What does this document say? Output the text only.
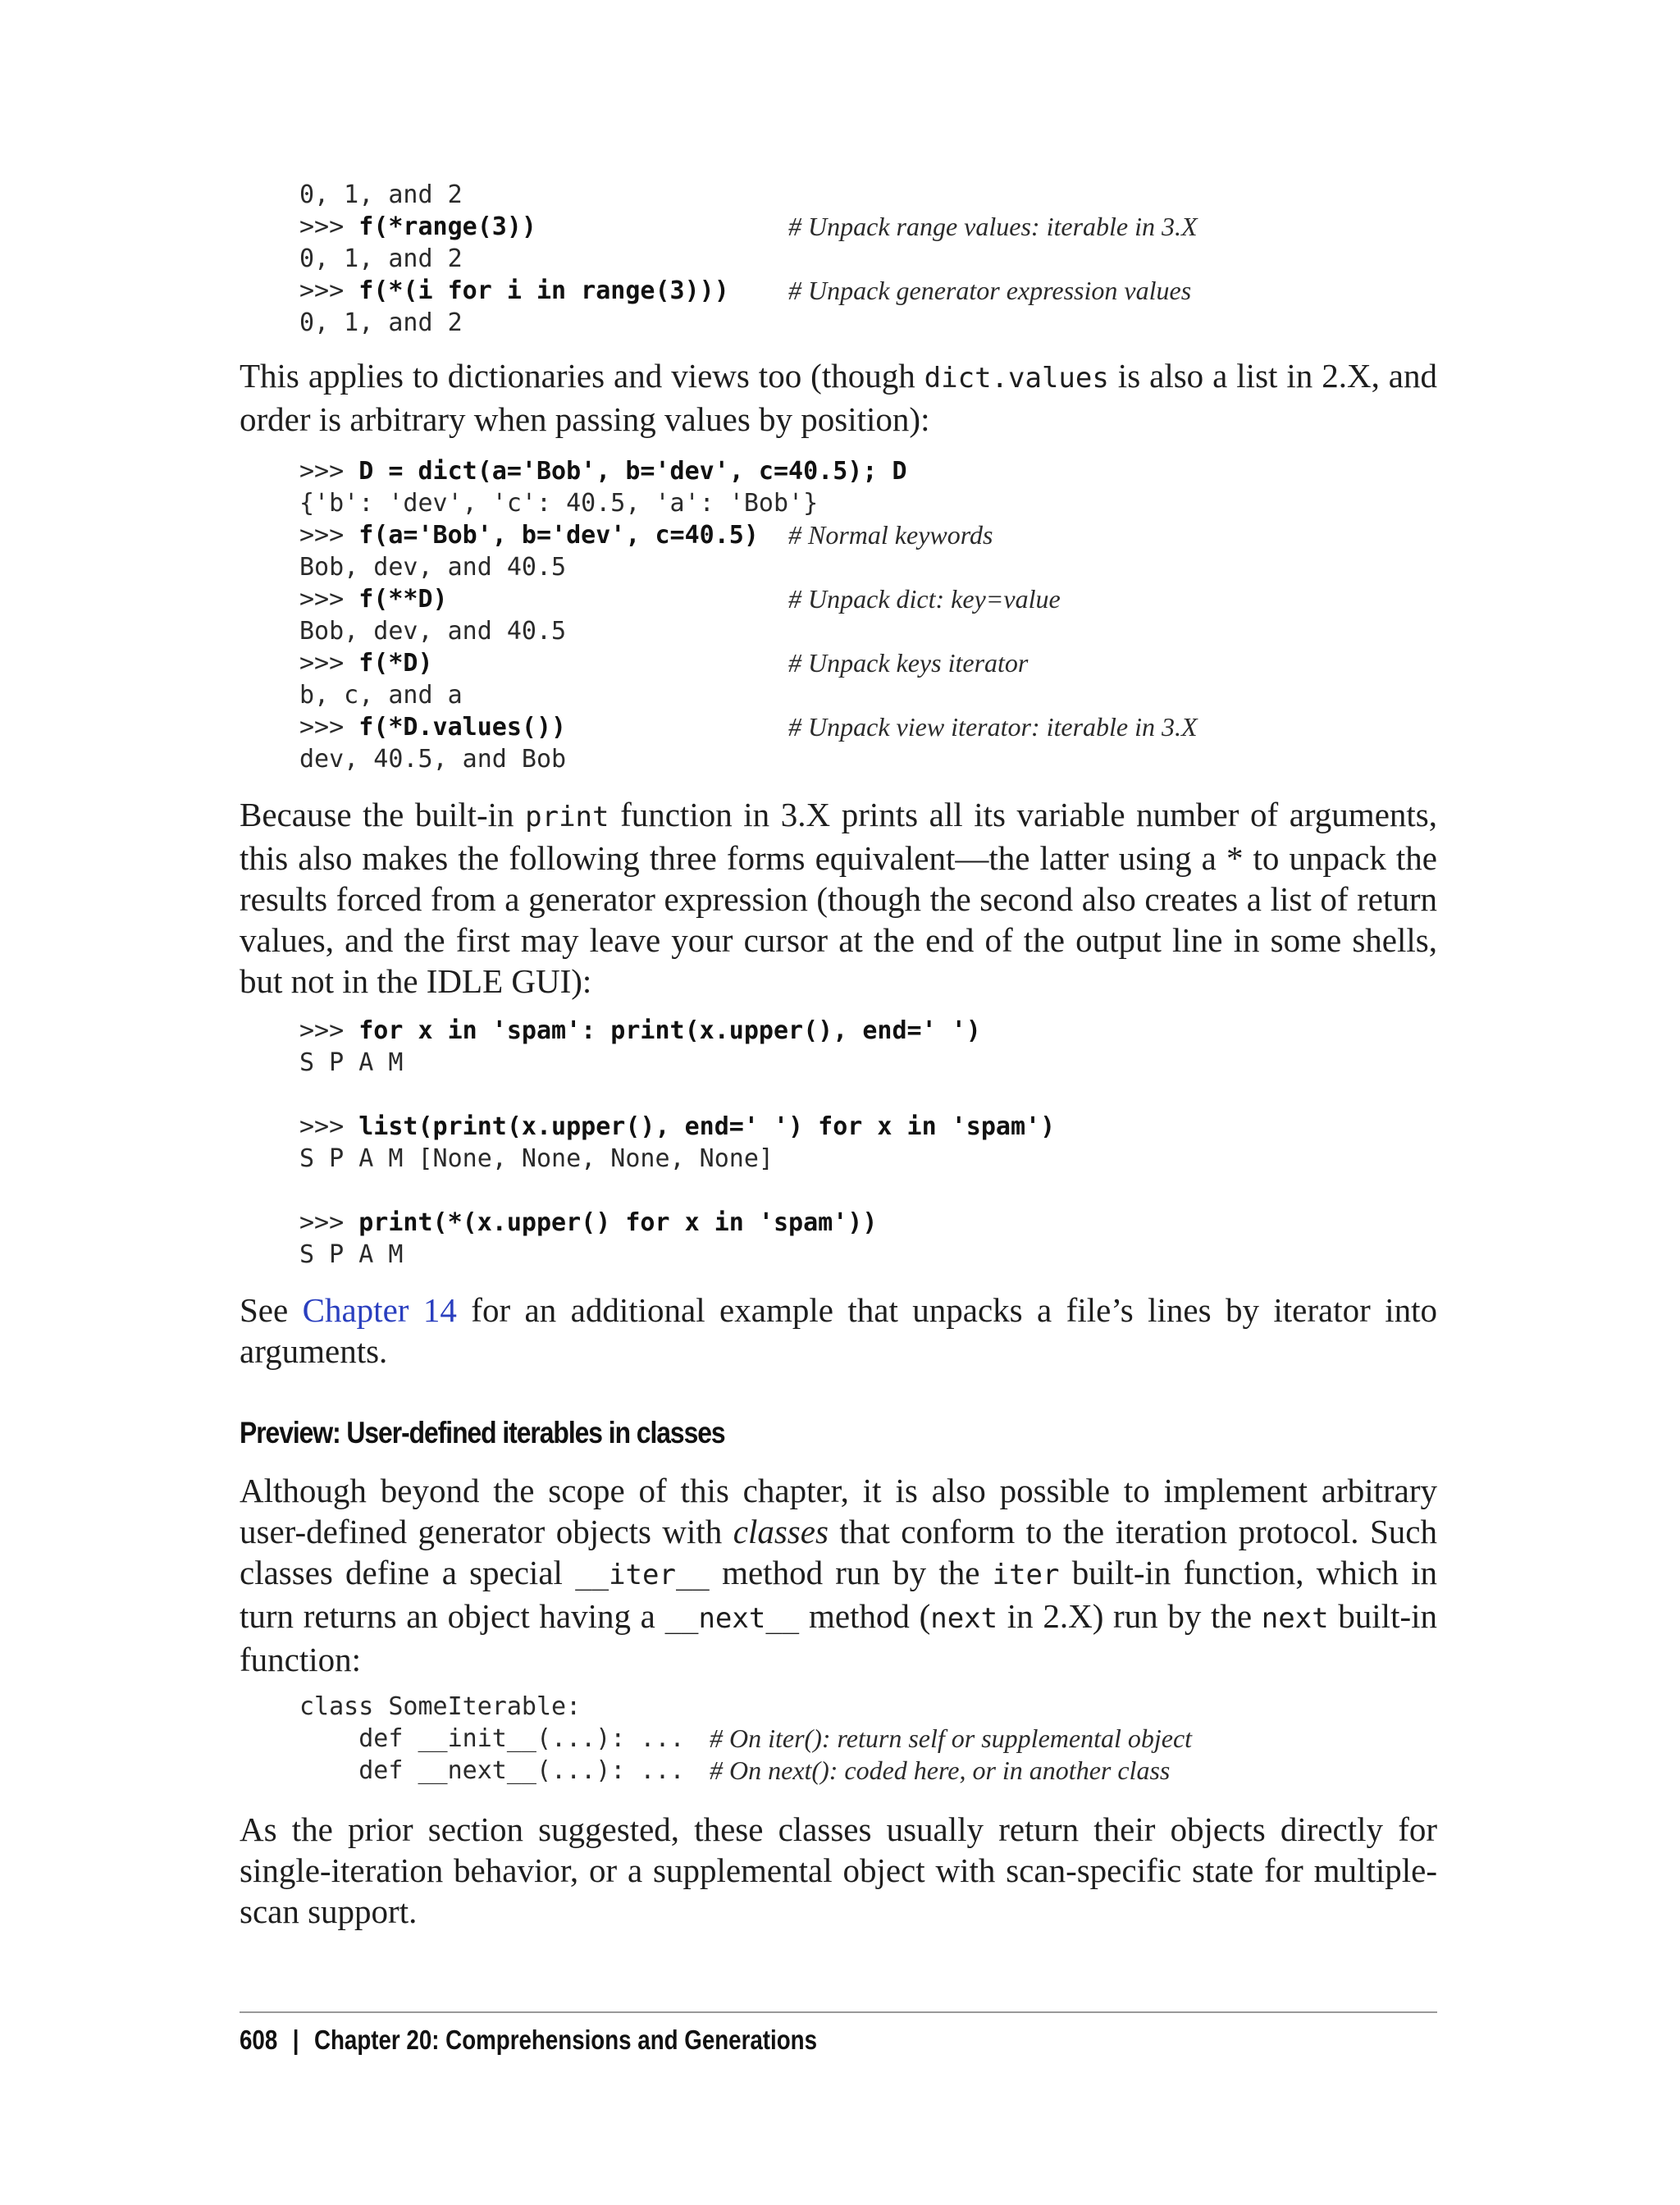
0, 1, and 2
>>> f(*range(3))	# Unpack range values: iterable in 3.X
0, 1, and 2
>>> f(*(i for i in range(3))) # Unpack generator expression values
0, 1, and 2

This applies to dictionaries and views too (though dict.values is also a list in 2.X, and order is arbitrary when passing values by position):

>>> D = dict(a='Bob', b='dev', c=40.5); D
{'b': 'dev', 'c': 40.5, 'a': 'Bob'}
>>> f(a='Bob', b='dev', c=40.5) # Normal keywords
Bob, dev, and 40.5
>>> f(**D)	# Unpack dict: key=value
Bob, dev, and 40.5
>>> f(*D)	# Unpack keys iterator
b, c, and a
>>> f(*D.values())	# Unpack view iterator: iterable in 3.X
dev, 40.5, and Bob

Because the built-in print function in 3.X prints all its variable number of arguments, this also makes the following three forms equivalent—the latter using a * to unpack the results forced from a generator expression (though the second also creates a list of return values, and the first may leave your cursor at the end of the output line in some shells, but not in the IDLE GUI):

>>> for x in 'spam': print(x.upper(), end=' ')
S P A M
>>> list(print(x.upper(), end=' ') for x in 'spam')
S P A M [None, None, None, None]
>>> print(*(x.upper() for x in 'spam'))
S P A M

See Chapter 14 for an additional example that unpacks a file’s lines by iterator into arguments.

Preview: User-defined iterables in classes

Although beyond the scope of this chapter, it is also possible to implement arbitrary user-defined generator objects with classes that conform to the iteration protocol. Such classes define a special __iter__ method run by the iter built-in function, which in turn returns an object having a __next__ method (next in 2.X) run by the next built-in function:

class SomeIterable:
def __init__(...): ... # On iter(): return self or supplemental object
def __next__(...): ... # On next(): coded here, or in another class

As the prior section suggested, these classes usually return their objects directly for single-iteration behavior, or a supplemental object with scan-specific state for multiple-scan support.

608 | Chapter 20: Comprehensions and Generations
